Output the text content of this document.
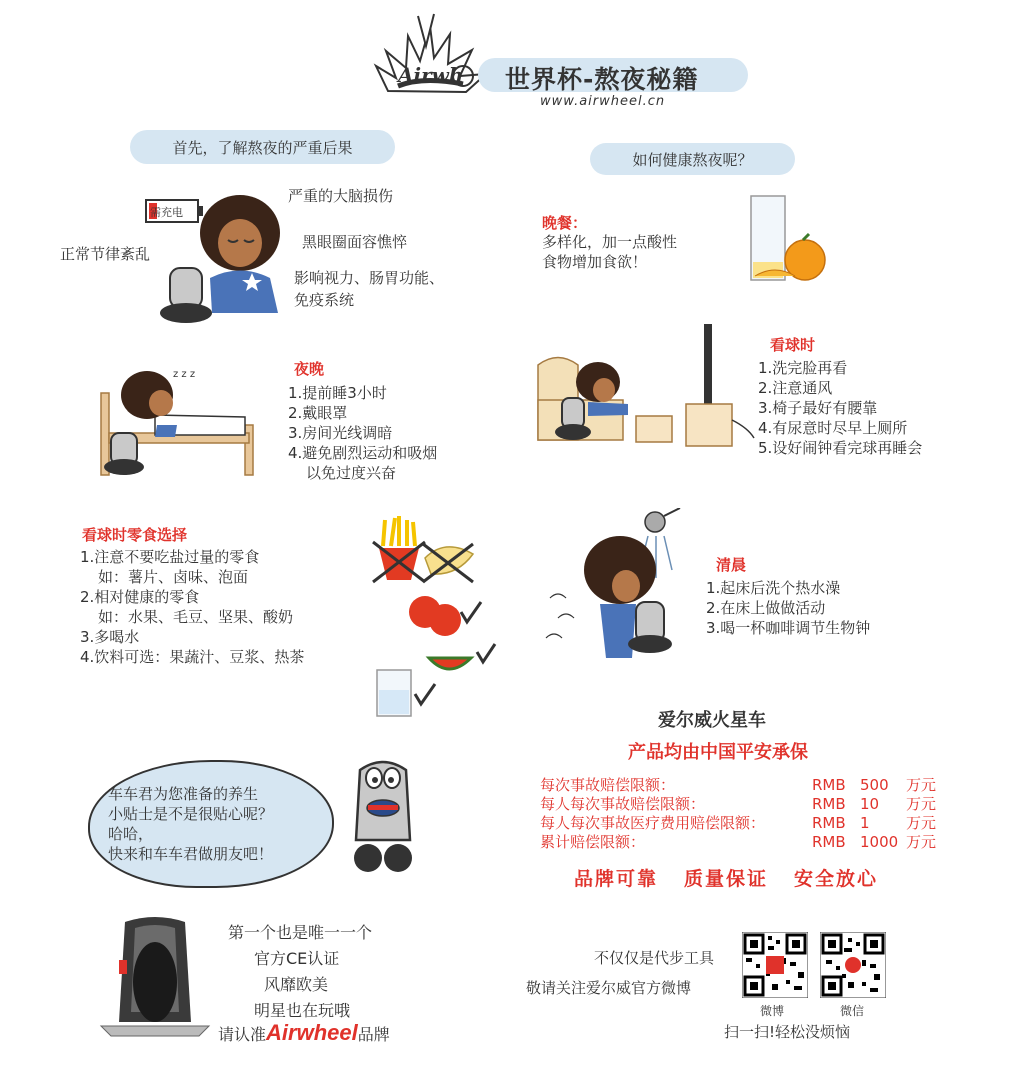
Airwh 世界杯-熬夜秘籍
www.airwheel.cn
首先，了解熬夜的严重后果
需充电
严重的大脑损伤
黑眼圈面容憔悴
影响视力、肠胃功能、
免疫系统
正常节律紊乱
如何健康熬夜呢？
晚餐：
多样化，加一点酸性
食物增加食欲！
z z z	夜晚
1.提前睡3小时
2.戴眼罩
3.房间光线调暗
4.避免剧烈运动和吸烟
以免过度兴奋
看球时
1.洗完脸再看
2.注意通风
3.椅子最好有腰靠
4.有尿意时尽早上厕所
5.设好闹钟看完球再睡会
看球时零食选择
1.注意不要吃盐过量的零食
如：薯片、卤味、泡面
2.相对健康的零食
如：水果、毛豆、坚果、酸奶
3.多喝水
4.饮料可选：果蔬汁、豆浆、热茶
清晨
1.起床后洗个热水澡
2.在床上做做活动
3.喝一杯咖啡调节生物钟
车车君为您准备的养生
小贴士是不是很贴心呢？
哈哈，
快来和车车君做朋友吧！
爱尔威火星车
产品均由中国平安承保
每次事故赔偿限额：	RMB 500 万元
每人每次事故赔偿限额：	RMB 10 万元
每人每次事故医疗费用赔偿限额：	RMB 1 万元
累计赔偿限额：	RMB 1000 万元
品牌可靠 质量保证 安全放心
第一个也是唯一一个
官方CE认证
风靡欧美
明星也在玩哦
请认准Airwheel品牌
不仅仅是代步工具
敬请关注爱尔威官方微博
微博	微信
扫一扫!轻松没烦恼
